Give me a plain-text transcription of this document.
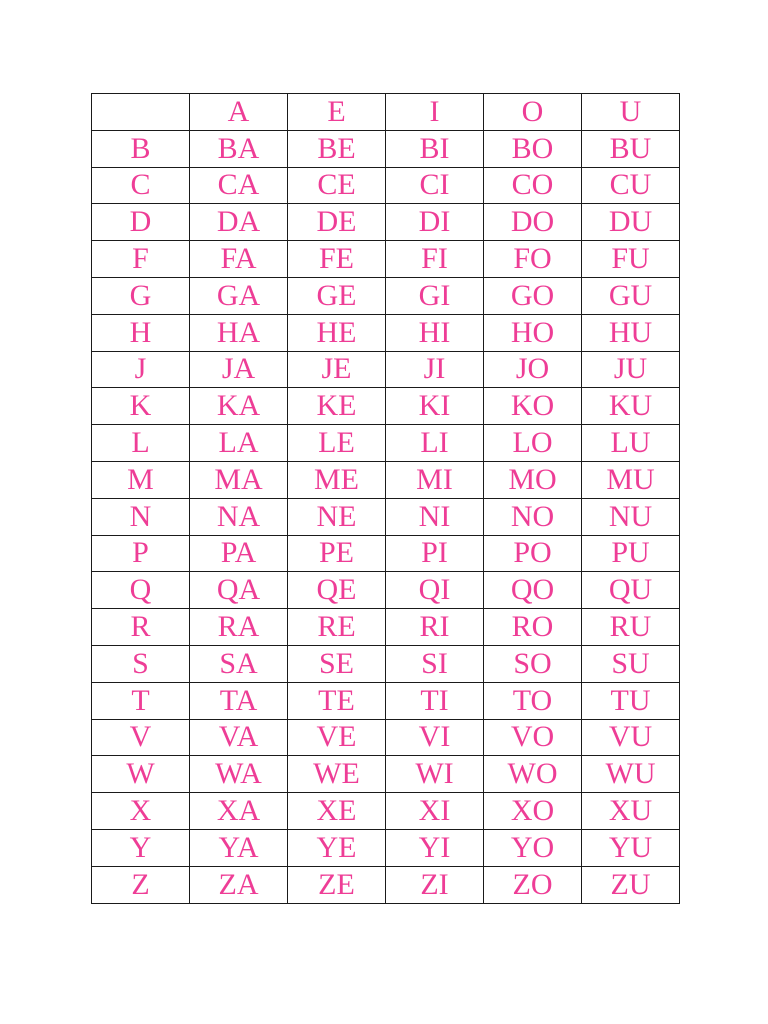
	A	E	I	O	U
B	BA	BE	BI	BO	BU
C	CA	CE	CI	CO	CU
D	DA	DE	DI	DO	DU
F	FA	FE	FI	FO	FU
G	GA	GE	GI	GO	GU
H	HA	HE	HI	HO	HU
J	JA	JE	JI	JO	JU
K	KA	KE	KI	KO	KU
L	LA	LE	LI	LO	LU
M	MA	ME	MI	MO	MU
N	NA	NE	NI	NO	NU
P	PA	PE	PI	PO	PU
Q	QA	QE	QI	QO	QU
R	RA	RE	RI	RO	RU
S	SA	SE	SI	SO	SU
T	TA	TE	TI	TO	TU
V	VA	VE	VI	VO	VU
W	WA	WE	WI	WO	WU
X	XA	XE	XI	XO	XU
Y	YA	YE	YI	YO	YU
Z	ZA	ZE	ZI	ZO	ZU
